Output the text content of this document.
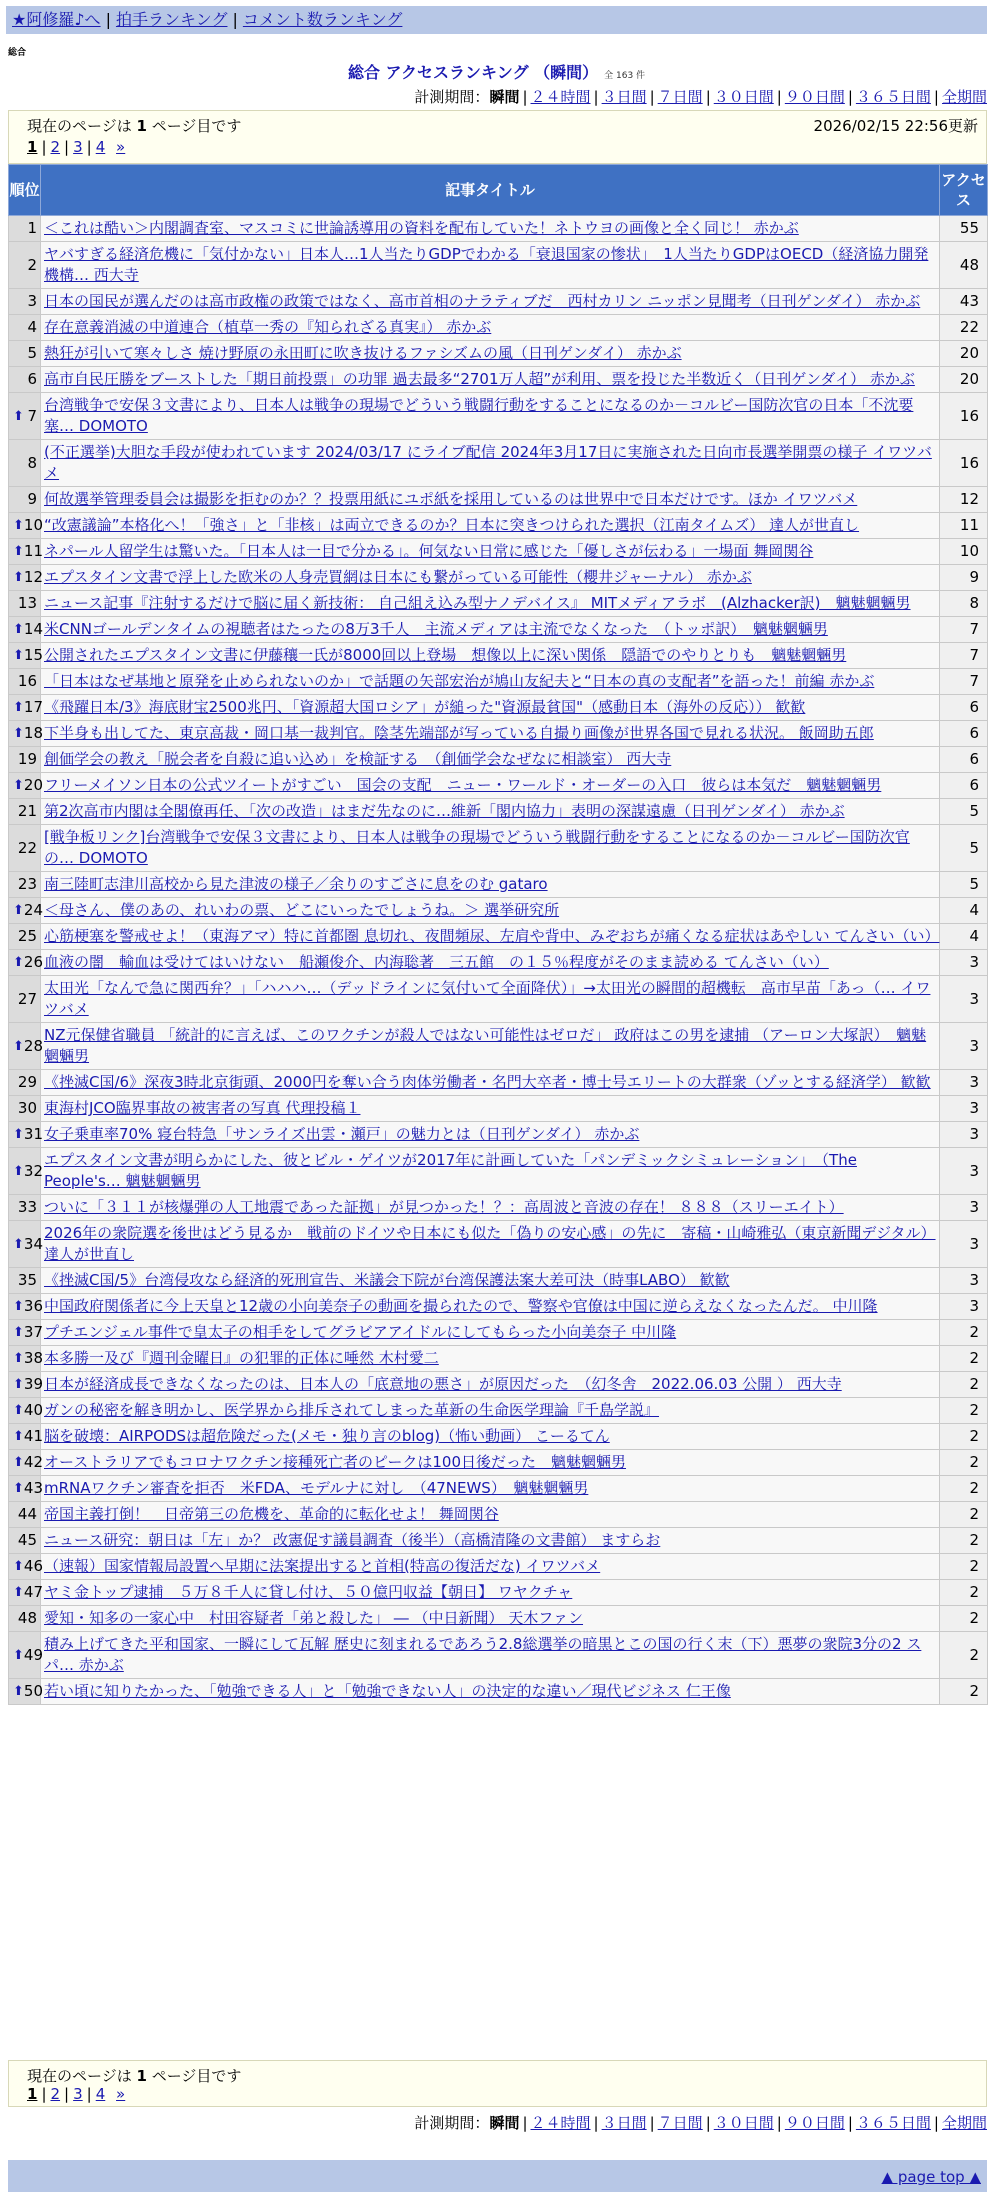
★阿修羅♪へ | 拍手ランキング | コメント数ランキング
総合
総合 アクセスランキング （瞬間） 全 163 件
計測期間：瞬間 | ２４時間 | ３日間 | ７日間 | ３０日間 | ９０日間 | ３６５日間 | 全期間
現在のページは 1 ページ目です	2026/02/15 22:56更新
1 | 2 | 3 | 4 »
順位	記事タイトル	アクセス
1	＜これは酷い＞内閣調査室、マスコミに世論誘導用の資料を配布していた！ネトウヨの画像と全く同じ！ 赤かぶ	55
2	ヤバすぎる経済危機に「気付かない」日本人…1人当たりGDPでわかる「衰退国家の惨状」　1人当たりGDPはOECD（経済協力開発機構… 西大寺	48
3	日本の国民が選んだのは高市政権の政策ではなく、高市首相のナラティブだ　西村カリン ニッポン見聞考（日刊ゲンダイ） 赤かぶ	43
4	存在意義消滅の中道連合（植草一秀の『知られざる真実』） 赤かぶ	22
5	熱狂が引いて寒々しさ 焼け野原の永田町に吹き抜けるファシズムの風（日刊ゲンダイ） 赤かぶ	20
6	高市自民圧勝をブーストした「期日前投票」の功罪 過去最多“2701万人超”が利用、票を投じた半数近く（日刊ゲンダイ） 赤かぶ	20

⬆ 7	台湾戦争で安保３文書により、日本人は戦争の現場でどういう戦闘行動をすることになるのか－コルビー国防次官の日本「不沈要塞… DOMOTO	16
8	(不正選挙)大胆な手段が使われています 2024/03/17 にライブ配信 2024年3月17日に実施された日向市長選挙開票の様子 イワツバメ	16
9	何故選挙管理委員会は撮影を拒むのか？？投票用紙にユポ紙を採用しているのは世界中で日本だけです。ほか イワツバメ	12

⬆ 10	“改憲議論”本格化へ！「強さ」と「非核」は両立できるのか？日本に突きつけられた選択（江南タイムズ） 達人が世直し	11

⬆ 11	ネパール人留学生は驚いた。「日本人は一目で分かる」。何気ない日常に感じた「優しさが伝わる」一場面 舞岡関谷	10

⬆ 12	エプスタイン文書で浮上した欧米の人身売買網は日本にも繋がっている可能性（櫻井ジャーナル） 赤かぶ	9
13	ニュース記事『注射するだけで脳に届く新技術： 自己組え込み型ナノデバイス』 MITメディアラボ　(Alzhacker訳)　魑魅魍魎男	8

⬆ 14	米CNNゴールデンタイムの視聴者はたったの8万3千人　主流メディアは主流でなくなった　（トッポ訳）　魑魅魍魎男	7

⬆ 15	公開されたエプスタイン文書に伊藤穰一氏が8000回以上登場　想像以上に深い関係　隠語でのやりとりも　魑魅魍魎男	7
16	「日本はなぜ基地と原発を止められないのか」で話題の矢部宏治が鳩山友紀夫と“日本の真の支配者”を語った！前編 赤かぶ	7

⬆ 17	《飛躍日本/3》海底財宝2500兆円、「資源超大国ロシア」が縋った"資源最貧国"（感動日本（海外の反応）） 歓歓	6

⬆ 18	下半身も出してた、東京高裁・岡口基一裁判官。陰茎先端部が写っている自撮り画像が世界各国で見れる状況。 飯岡助五郎	6
19	創価学会の教え「脱会者を自殺に追い込め」を検証する　（創価学会なぜなに相談室） 西大寺	6

⬆ 20	フリーメイソン日本の公式ツイートがすごい　国会の支配　ニュー・ワールド・オーダーの入口　彼らは本気だ　魑魅魍魎男	6
21	第2次高市内閣は全閣僚再任、「次の改造」はまだ先なのに…維新「閣内協力」表明の深謀遠慮（日刊ゲンダイ） 赤かぶ	5
22	[戦争板リンク]台湾戦争で安保３文書により、日本人は戦争の現場でどういう戦闘行動をすることになるのか－コルビー国防次官の… DOMOTO	5
23	南三陸町志津川高校から見た津波の様子／余りのすごさに息をのむ gataro	5

⬆ 24	＜母さん、僕のあの、れいわの票、どこにいったでしょうね。＞ 選挙研究所	4
25	心筋梗塞を警戒せよ！（東海アマ）特に首都圏 息切れ、夜間頻尿、左肩や背中、みぞおちが痛くなる症状はあやしい てんさい（い）	4

⬆ 26	血液の闇　輸血は受けてはいけない　船瀬俊介、内海聡著　三五館　の１５％程度がそのまま読める てんさい（い）	3
27	太田光「なんで急に関西弁？」「ハハハ…（デッドラインに気付いて全面降伏）」→太田光の瞬間的超機転　高市早苗「あっ（… イワツバメ	3

⬆ 28	NZ元保健省職員 「統計的に言えば、このワクチンが殺人ではない可能性はゼロだ」 政府はこの男を逮捕 （アーロン大塚訳）　魑魅魍魎男	3
29	《挫滅C国/6》深夜3時北京街頭、2000円を奪い合う肉体労働者・名門大卒者・博士号エリートの大群衆（ゾッとする経済学） 歓歓	3
30	東海村JCO臨界事故の被害者の写真 代理投稿１	3

⬆ 31	女子乗車率70% 寝台特急「サンライズ出雲・瀬戸」の魅力とは（日刊ゲンダイ） 赤かぶ	3

⬆ 32	エプスタイン文書が明らかにした、彼とビル・ゲイツが2017年に計画していた「パンデミックシミュレーション」　（The People's… 魑魅魍魎男	3
33	ついに「３１１が核爆弾の人工地震であった証拠」が見つかった！？：高周波と音波の存在！ ８８８（スリーエイト）	3

⬆ 34	2026年の衆院選を後世はどう見るか　戦前のドイツや日本にも似た「偽りの安心感」の先に　寄稿・山崎雅弘（東京新聞デジタル） 達人が世直し	3
35	《挫滅C国/5》台湾侵攻なら経済的死刑宣告、米議会下院が台湾保護法案大差可決（時事LABO） 歓歓	3

⬆ 36	中国政府関係者に今上天皇と12歳の小向美奈子の動画を撮られたので、警察や官僚は中国に逆らえなくなったんだ。 中川隆	3

⬆ 37	プチエンジェル事件で皇太子の相手をしてグラビアアイドルにしてもらった小向美奈子 中川隆	2

⬆ 38	本多勝一及び『週刊金曜日』の犯罪的正体に唾然 木村愛二	2

⬆ 39	日本が経済成長できなくなったのは、日本人の「底意地の悪さ」が原因だった　（幻冬舎　2022.06.03 公開 ） 西大寺	2

⬆ 40	ガンの秘密を解き明かし、医学界から排斥されてしまった革新の生命医学理論『千島学説』	2

⬆ 41	脳を破壊：AIRPODSは超危険だった(メモ・独り言のblog)（怖い動画） こーるてん	2

⬆ 42	オーストラリアでもコロナワクチン接種死亡者のピークは100日後だった　魑魅魍魎男	2

⬆ 43	mRNAワクチン審査を拒否　米FDA、モデルナに対し　（47NEWS）　魑魅魍魎男	2
44	帝国主義打倒！　日帝第三の危機を、革命的に転化せよ！ 舞岡関谷	2
45	ニュース研究：朝日は「左」か？ 改憲促す議員調査（後半）（高橋清隆の文書館） ますらお	2

⬆ 46	（速報）国家情報局設置へ早期に法案提出すると首相(特高の復活だな) イワツバメ	2

⬆ 47	ヤミ金トップ逮捕　５万８千人に貸し付け、５０億円収益【朝日】 ワヤクチャ	2
48	愛知・知多の一家心中　村田容疑者「弟と殺した」 ― （中日新聞） 天木ファン	2

⬆ 49	積み上げてきた平和国家、一瞬にして瓦解 歴史に刻まれるであろう2.8総選挙の暗黒とこの国の行く末（下）悪夢の衆院3分の2 スパ… 赤かぶ	2

⬆ 50	若い頃に知りたかった、「勉強できる人」と「勉強できない人」の決定的な違い／現代ビジネス 仁王像	2
現在のページは 1 ページ目です
1 | 2 | 3 | 4 »
計測期間：瞬間 | ２４時間 | ３日間 | ７日間 | ３０日間 | ９０日間 | ３６５日間 | 全期間
▲ page top ▲
